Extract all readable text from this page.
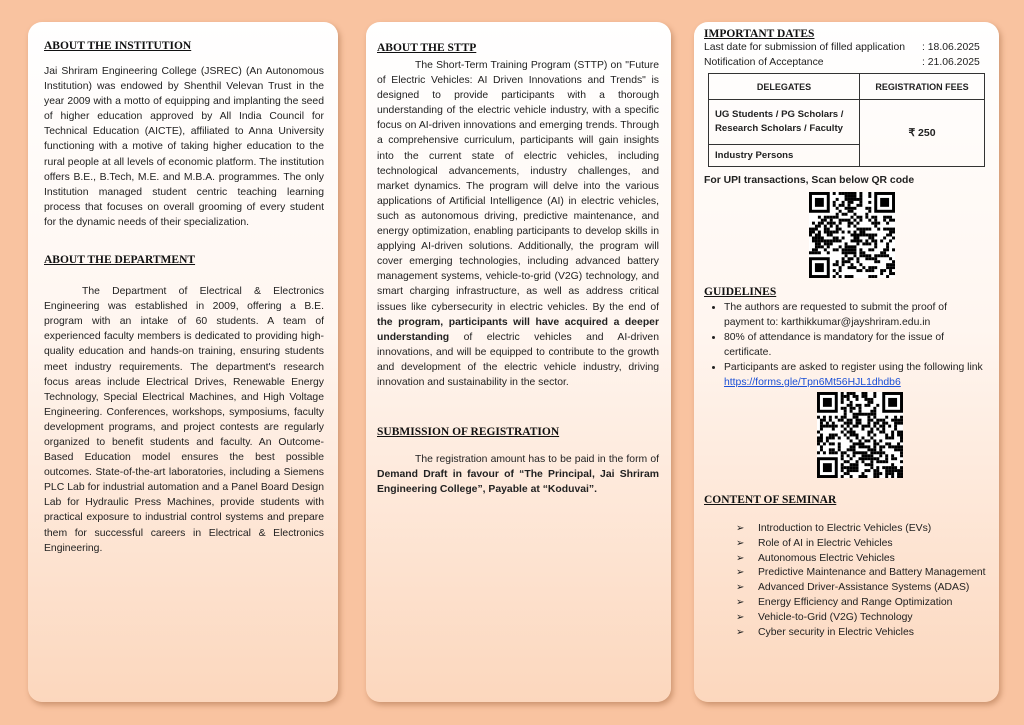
ABOUT THE INSTITUTION

Jai Shriram Engineering College (JSREC) (An Autonomous Institution) was endowed by Shenthil Velevan Trust in the year 2009 with a motto of equipping and implanting the seed of higher education approved by All India Council for Technical Education (AICTE), affiliated to Anna University functioning with a motive of taking higher education to the rural people at all levels of economic platform. The institution offers B.E., B.Tech, M.E. and M.B.A. programmes. The only Institution managed student centric teaching learning process that focuses on overall grooming of every student for the dynamic needs of their specialization.

ABOUT THE DEPARTMENT

The Department of Electrical & Electronics Engineering was established in 2009, offering a B.E. program with an intake of 60 students. A team of experienced faculty members is dedicated to providing high-quality education and hands-on training, ensuring students meet industry requirements. The department's research focus areas include Electrical Drives, Renewable Energy Technology, Special Electrical Machines, and High Voltage Engineering. Conferences, workshops, symposiums, faculty development programs, and project contests are regularly organized to benefit students and faculty. An Outcome-Based Education model ensures the best possible outcomes. State-of-the-art laboratories, including a Siemens PLC Lab for industrial automation and a Panel Board Design Lab for Hydraulic Press Machines, provide students with practical exposure to industrial control systems and prepare them for successful careers in Electrical & Electronics Engineering.

ABOUT THE STTP

The Short-Term Training Program (STTP) on "Future of Electric Vehicles: AI Driven Innovations and Trends" is designed to provide participants with a thorough understanding of the electric vehicle industry, with a specific focus on AI-driven innovations and emerging trends. Through a comprehensive curriculum, participants will gain insights into the current state of electric vehicles, including technological advancements, industry challenges, and market dynamics. The program will delve into the various applications of Artificial Intelligence (AI) in electric vehicles, such as autonomous driving, predictive maintenance, and energy optimization, enabling participants to develop skills in applying AI-driven solutions. Additionally, the program will cover emerging technologies, including advanced battery management systems, vehicle-to-grid (V2G) technology, and smart charging infrastructure, as well as address critical issues like cybersecurity in electric vehicles. By the end of the program, participants will have acquired a deeper understanding of electric vehicles and AI-driven innovations, and will be equipped to contribute to the growth and development of the electric vehicle industry, driving innovation and sustainability in the sector.

SUBMISSION OF REGISTRATION

The registration amount has to be paid in the form of Demand Draft in favour of “The Principal, Jai Shriram Engineering College”, Payable at “Koduvai”.

IMPORTANT DATES
Last date for submission of filled application	: 18.06.2025
Notification of Acceptance	: 21.06.2025
DELEGATES	REGISTRATION FEES
UG Students / PG Scholars / Research Scholars / Faculty	₹ 250
Industry Persons	
For UPI transactions, Scan below QR code
GUIDELINES
• The authors are requested to submit the proof of payment to: karthikkumar@jayshriram.edu.in
• 80% of attendance is mandatory for the issue of certificate.
• Participants are asked to register using the following link https://forms.gle/Tpn6Mt56HJL1dhdb6
CONTENT OF SEMINAR
➢ Introduction to Electric Vehicles (EVs)
➢ Role of AI in Electric Vehicles
➢ Autonomous Electric Vehicles
➢ Predictive Maintenance and Battery Management
➢ Advanced Driver-Assistance Systems (ADAS)
➢ Energy Efficiency and Range Optimization
➢ Vehicle-to-Grid (V2G) Technology
➢ Cyber security in Electric Vehicles
